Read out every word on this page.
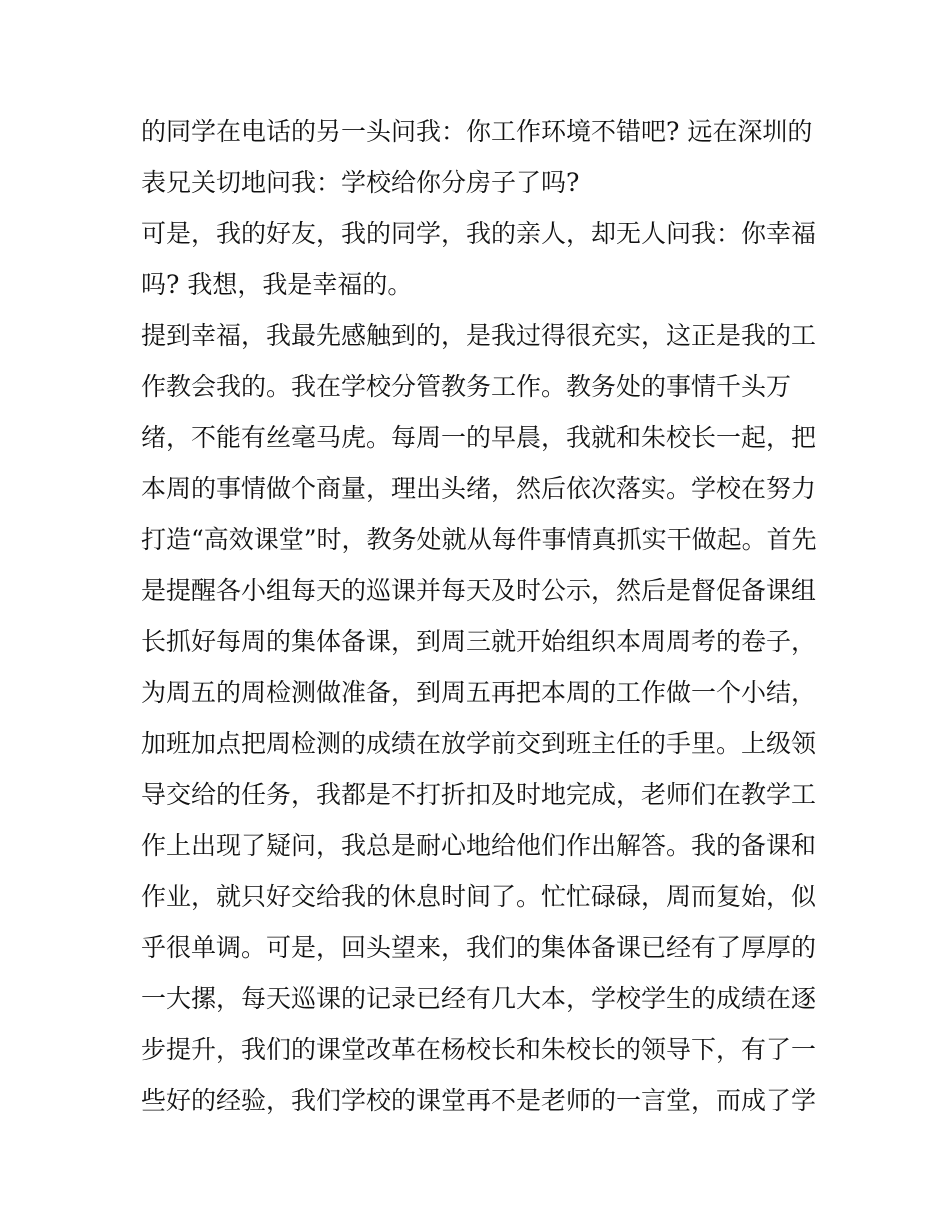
的同学在电话的另一头问我：你工作环境不错吧? 远在深圳的

表兄关切地问我：学校给你分房子了吗?

可是，我的好友，我的同学，我的亲人，却无人问我：你幸福

吗? 我想，我是幸福的。

提到幸福，我最先感触到的，是我过得很充实，这正是我的工

作教会我的。我在学校分管教务工作。教务处的事情千头万

绪，不能有丝毫马虎。每周一的早晨，我就和朱校长一起，把

本周的事情做个商量，理出头绪，然后依次落实。学校在努力

打造“高效课堂”时，教务处就从每件事情真抓实干做起。首先

是提醒各小组每天的巡课并每天及时公示，然后是督促备课组

长抓好每周的集体备课，到周三就开始组织本周周考的卷子，

为周五的周检测做准备，到周五再把本周的工作做一个小结，

加班加点把周检测的成绩在放学前交到班主任的手里。上级领

导交给的任务，我都是不打折扣及时地完成，老师们在教学工

作上出现了疑问，我总是耐心地给他们作出解答。我的备课和

作业，就只好交给我的休息时间了。忙忙碌碌，周而复始，似

乎很单调。可是，回头望来，我们的集体备课已经有了厚厚的

一大摞，每天巡课的记录已经有几大本，学校学生的成绩在逐

步提升，我们的课堂改革在杨校长和朱校长的领导下，有了一

些好的经验，我们学校的课堂再不是老师的一言堂，而成了学
